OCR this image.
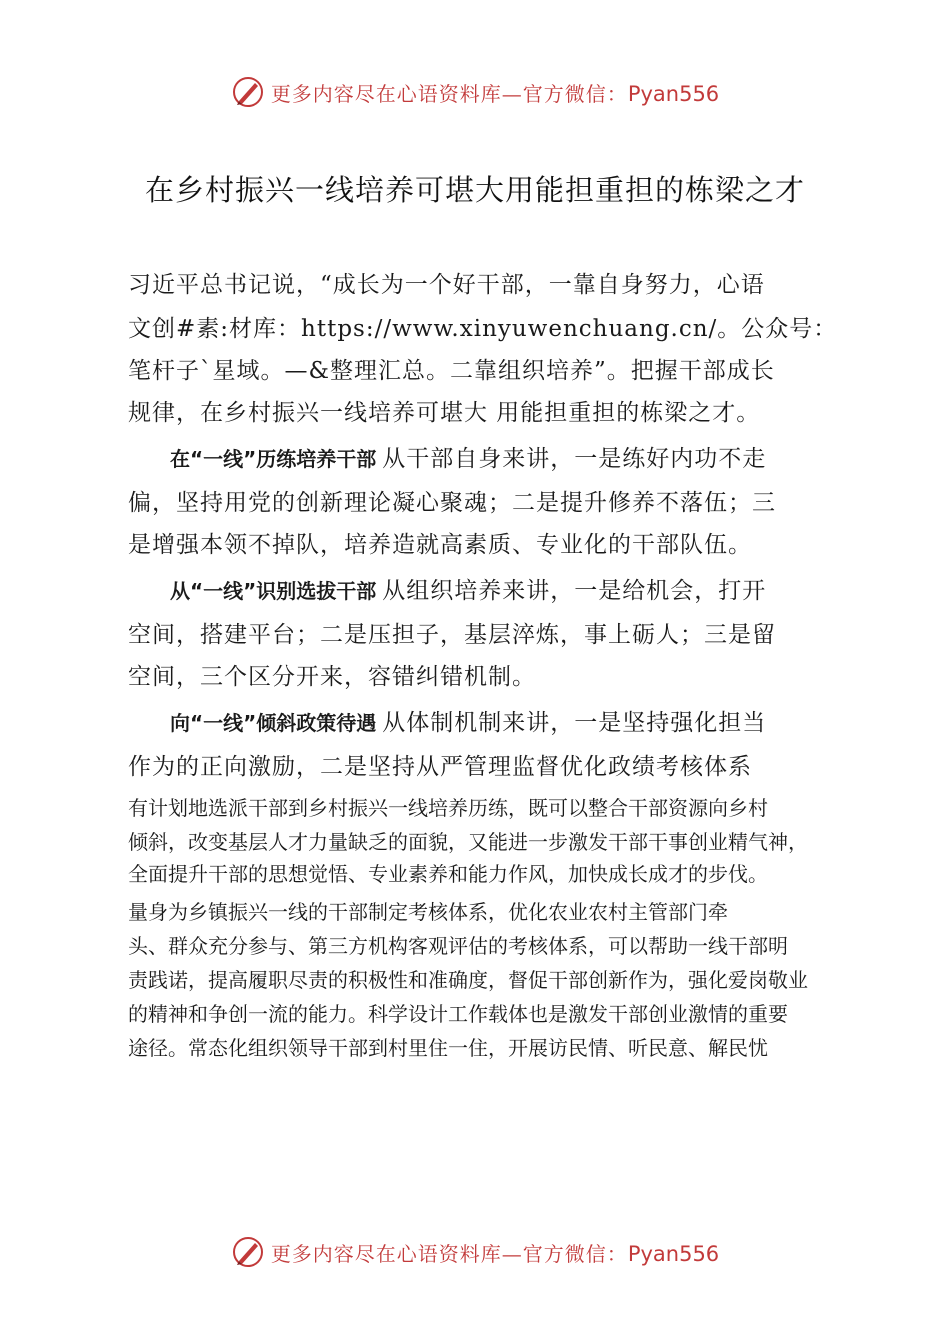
更多内容尽在心语资料库—官方微信：Pyan556
在乡村振兴一线培养可堪大用能担重担的栋梁之才
习近平总书记说，“成长为一个好干部，一靠自身努力，心语
文创#素:材库：https://www.xinyuwenchuang.cn/。公众号：
笔杆子`星域。—&整理汇总。二靠组织培养”。把握干部成长
规律，在乡村振兴一线培养可堪大 用能担重担的栋梁之才。
在“一线”历练培养干部 从干部自身来讲，一是练好内功不走
偏，坚持用党的创新理论凝心聚魂；二是提升修养不落伍；三
是增强本领不掉队，培养造就高素质、专业化的干部队伍。
从“一线”识别选拔干部 从组织培养来讲，一是给机会，打开
空间，搭建平台；二是压担子，基层淬炼，事上砺人；三是留
空间，三个区分开来，容错纠错机制。
向“一线”倾斜政策待遇 从体制机制来讲，一是坚持强化担当
作为的正向激励，二是坚持从严管理监督优化政绩考核体系
有计划地选派干部到乡村振兴一线培养历练，既可以整合干部资源向乡村
倾斜，改变基层人才力量缺乏的面貌，又能进一步激发干部干事创业精气神，
全面提升干部的思想觉悟、专业素养和能力作风，加快成长成才的步伐。
量身为乡镇振兴一线的干部制定考核体系，优化农业农村主管部门牵
头、群众充分参与、第三方机构客观评估的考核体系，可以帮助一线干部明
责践诺，提高履职尽责的积极性和准确度，督促干部创新作为，强化爱岗敬业
的精神和争创一流的能力。科学设计工作载体也是激发干部创业激情的重要
途径。常态化组织领导干部到村里住一住，开展访民情、听民意、解民忧
更多内容尽在心语资料库—官方微信：Pyan556
